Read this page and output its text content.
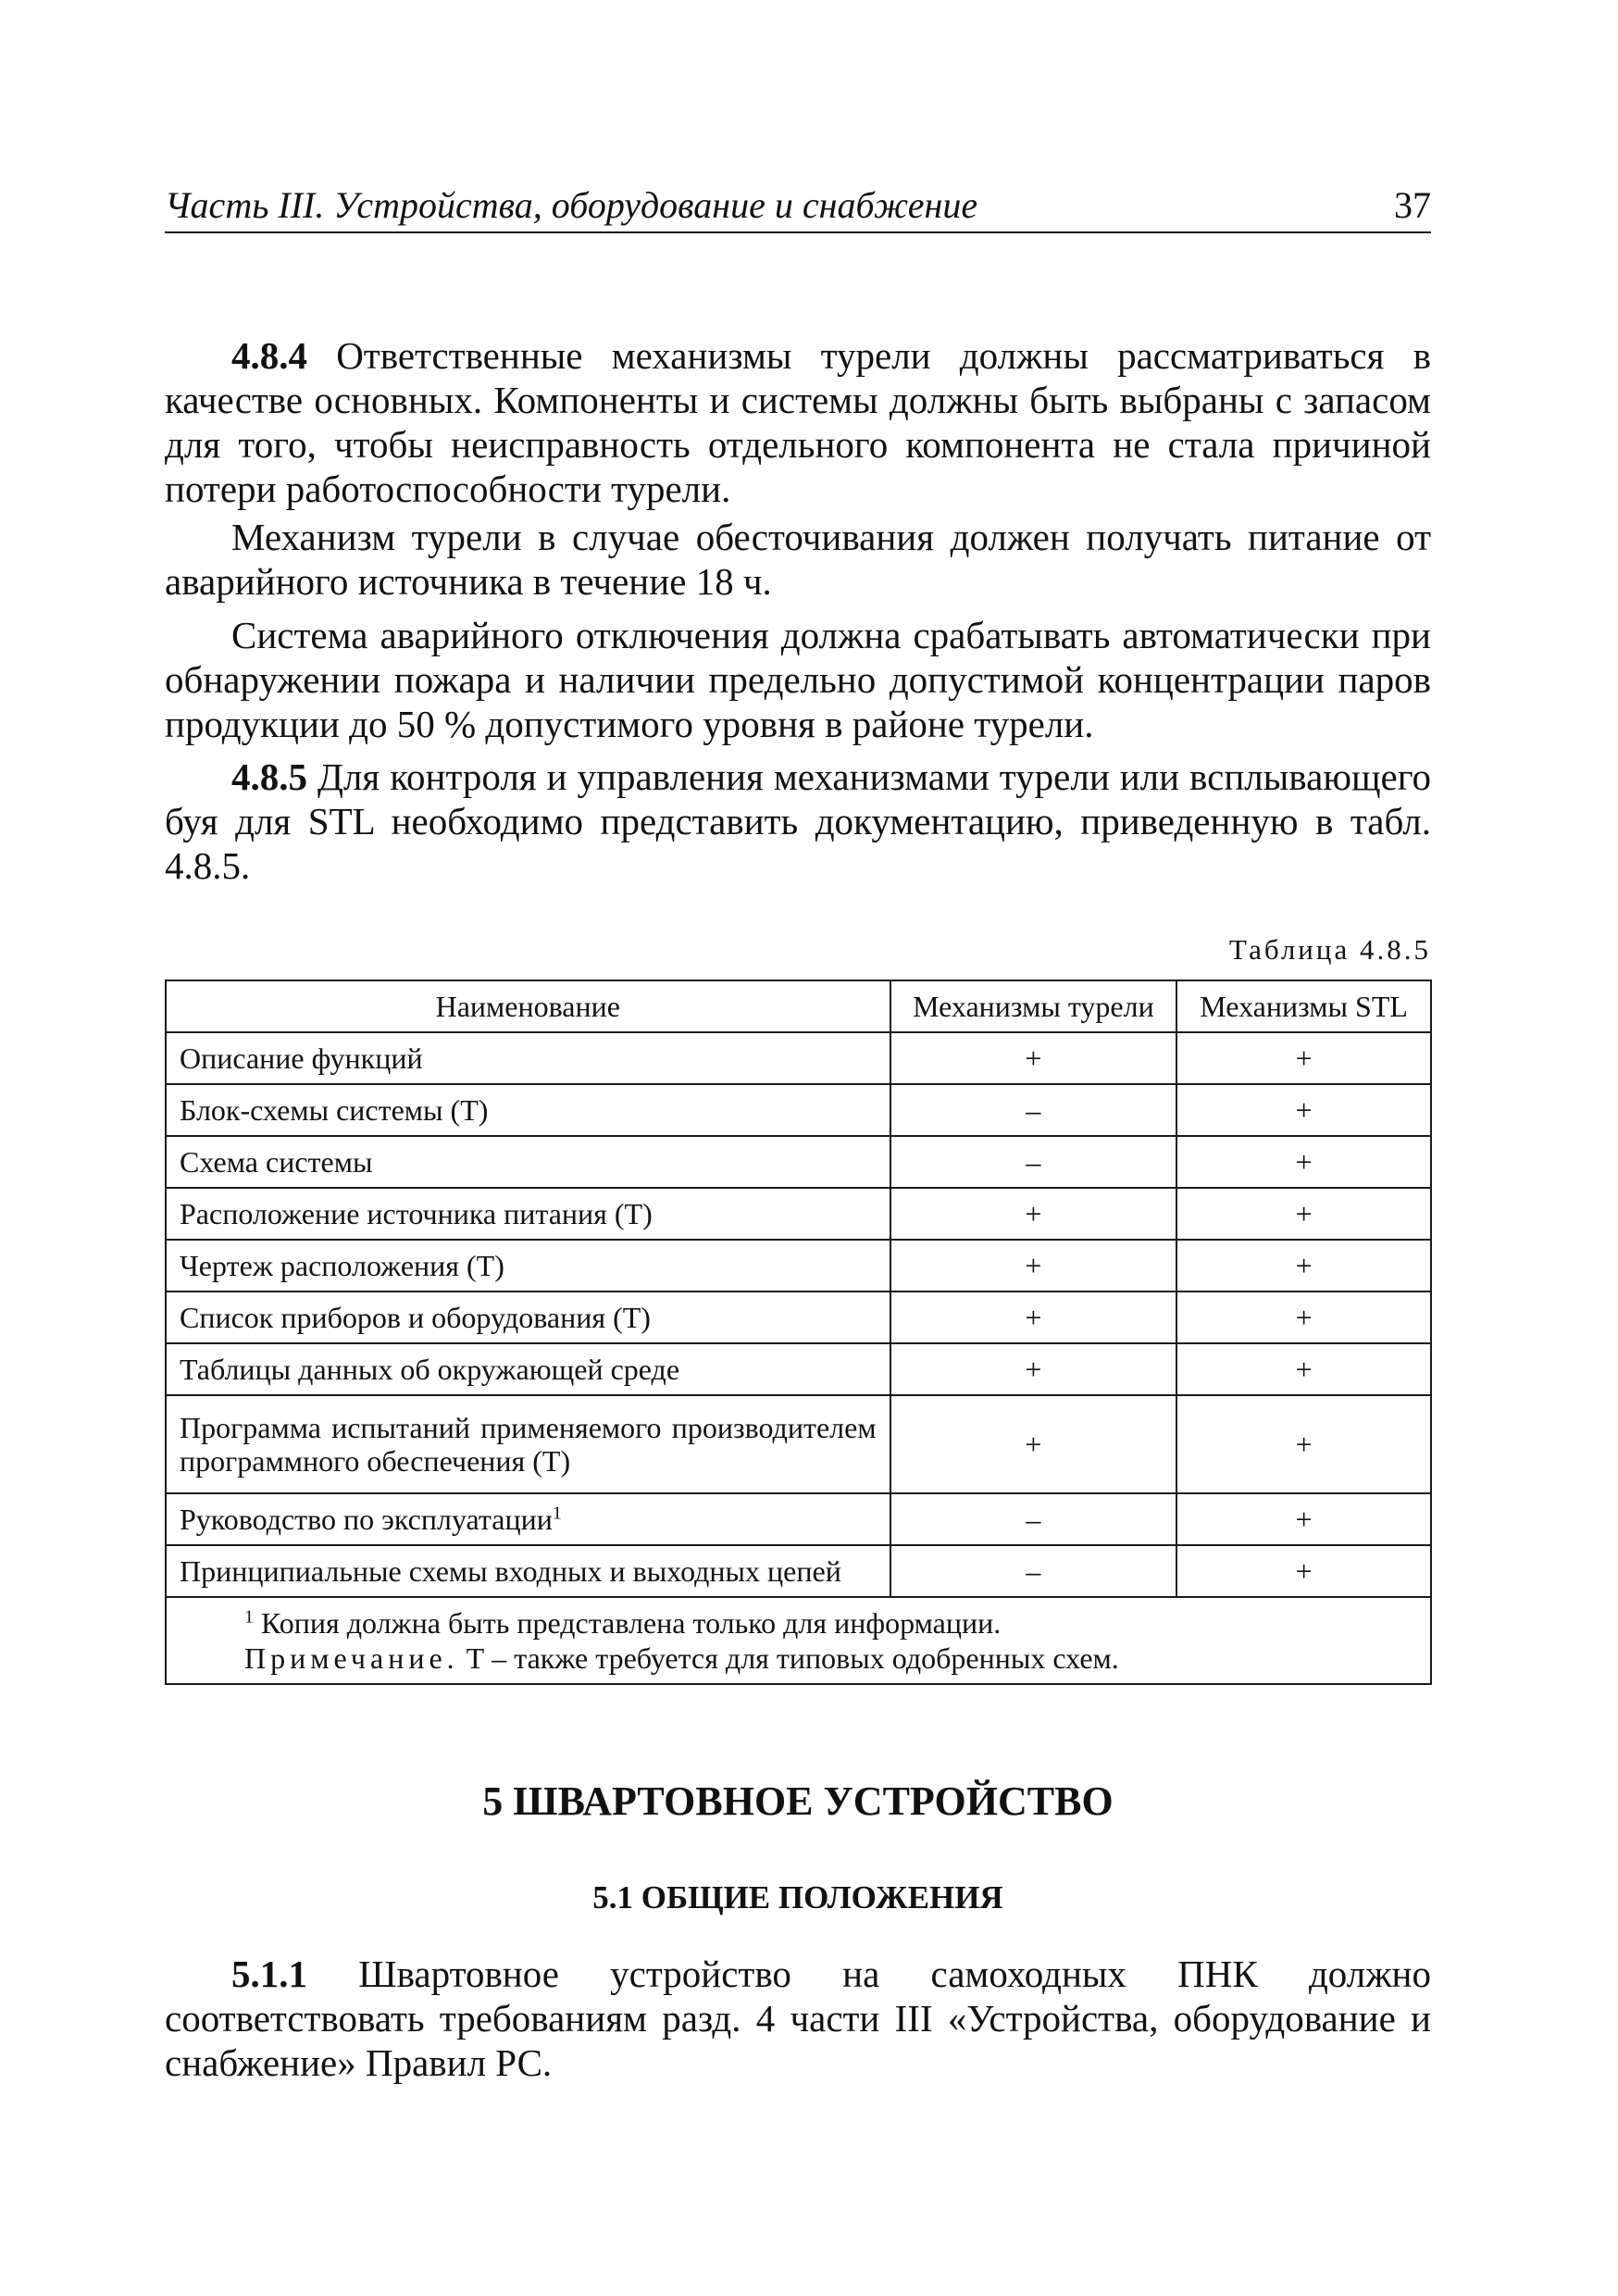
Часть III. Устройства, оборудование и снабжение	37

4.8.4 Ответственные механизмы турели должны рассматриваться в качестве основных. Компоненты и системы должны быть выбраны с запасом для того, чтобы неисправность отдельного компонента не стала причиной потери работоспособности турели.

Механизм турели в случае обесточивания должен получать питание от аварийного источника в течение 18 ч.

Система аварийного отключения должна срабатывать автоматически при обнаружении пожара и наличии предельно допустимой концентрации паров продукции до 50 % допустимого уровня в районе турели.

4.8.5 Для контроля и управления механизмами турели или всплывающего буя для STL необходимо представить документацию, приведенную в табл. 4.8.5.

Таблица 4.8.5
Наименование	Механизмы турели	Механизмы STL
Описание функций	+	+
Блок-схемы системы (Т)	–	+
Схема системы	–	+
Расположение источника питания (Т)	+	+
Чертеж расположения (Т)	+	+
Список приборов и оборудования (Т)	+	+
Таблицы данных об окружающей среде	+	+
Программа испытаний применяемого производителем программного обеспечения (Т)	+	+
Руководство по эксплуатации$^1$	–	+
Принципиальные схемы входных и выходных цепей	–	+

$^1$ Копия должна быть представлена только для информации.
Примечание. Т – также требуется для типовых одобренных схем.		
5 ШВАРТОВНОЕ УСТРОЙСТВО
5.1 ОБЩИЕ ПОЛОЖЕНИЯ

5.1.1 Швартовное устройство на самоходных ПНК должно соответствовать требованиям разд. 4 части III «Устройства, оборудование и снабжение» Правил РС.
